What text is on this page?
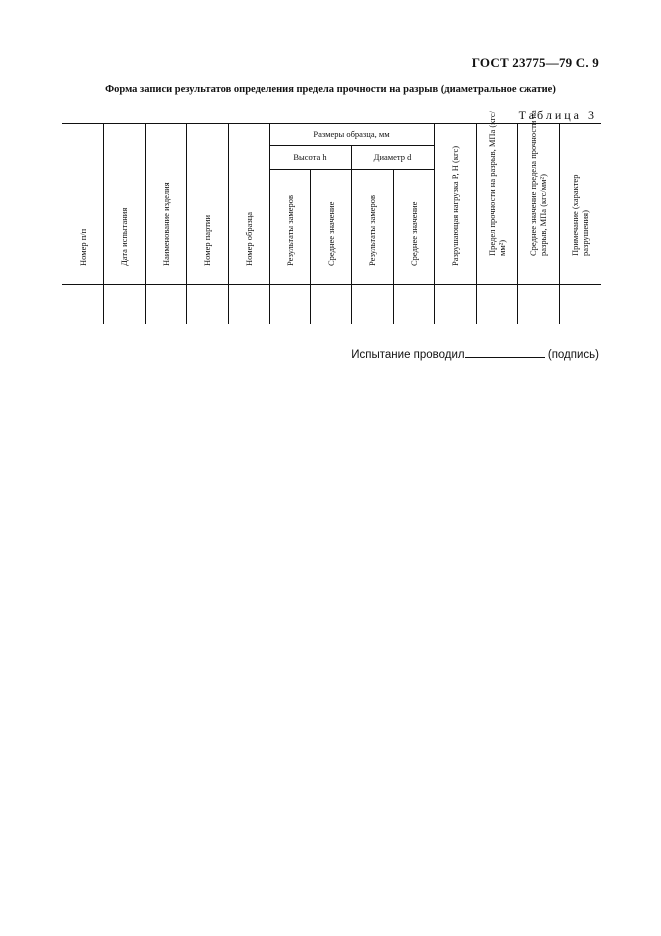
ГОСТ 23775—79 С. 9
Форма записи результатов определения предела прочности на разрыв (диаметральное сжатие)
Таблица 3
Размеры образца, мм
Высота h	Диаметр d
Номер п/п	Дата испытания	Наименование изделия	Номер партии	Номер образца	Результаты замеров	Среднее значение	Результаты замеров	Среднее значение	Разрушающая нагрузка P, Н (кгс)	Предел прочности на разрыв, МПа (кгс/мм²)	Среднее значение предела прочности на разрыв, МПа (кгс/мм²)	Примечание (характер разрушения)
Испытание проводил	(подпись)
